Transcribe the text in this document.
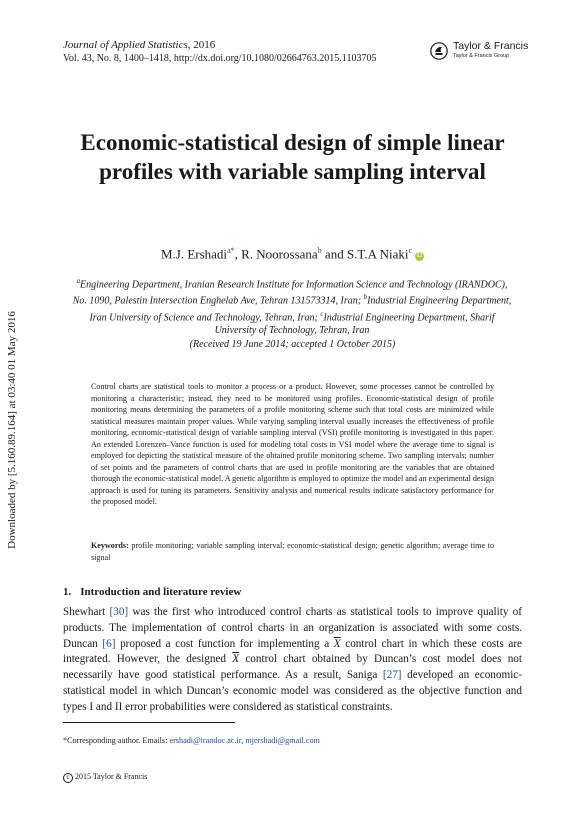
Journal of Applied Statistics, 2016
Vol. 43, No. 8, 1400–1418, http://dx.doi.org/10.1080/02664763.2015.1103705
Taylor & Francis
Taylor & Francis Group
Downloaded by [5.160.89.164] at 03:40 01 May 2016
Economic-statistical design of simple linear
profiles with variable sampling interval
M.J. Ershadi$^{a*}$, R. Noorossana$^b$ and S.T.A Niaki$^c$iD
$^a$Engineering Department, Iranian Research Institute for Information Science and Technology (IRANDOC), No. 1090, Palestin Intersection Enghelab Ave, Tehran 131573314, Iran; $^b$Industrial Engineering Department, Iran University of Science and Technology, Tehran, Iran; $^c$Industrial Engineering Department, Sharif University of Technology, Tehran, Iran
(Received 19 June 2014; accepted 1 October 2015)
Control charts are statistical tools to monitor a process or a product. However, some processes cannot be controlled by monitoring a characteristic; instead, they need to be monitored using profiles. Economic-statistical design of profile monitoring means determining the parameters of a profile monitoring scheme such that total costs are minimized while statistical measures maintain proper values. While varying sampling interval usually increases the effectiveness of profile monitoring, economic-statistical design of variable sampling interval (VSI) profile monitoring is investigated in this paper. An extended Lorenzen–Vance function is used for modeling total costs in VSI model where the average time to signal is employed for depicting the statistical measure of the obtained profile monitoring scheme. Two sampling intervals; number of set points and the parameters of control charts that are used in profile monitoring are the variables that are obtained thorough the economic-statistical model. A genetic algorithm is employed to optimize the model and an experimental design approach is used for tuning its parameters. Sensitivity analysis and numerical results indicate satisfactory performance for the proposed model.
Keywords: profile monitoring; variable sampling interval; economic-statistical design; genetic algorithm; average time to signal
1. Introduction and literature review
Shewhart [30] was the first who introduced control charts as statistical tools to improve quality of products. The implementation of control charts in an organization is associated with some costs. Duncan [6] proposed a cost function for implementing a $\overline{X}$ control chart in which these costs are integrated. However, the designed $\overline{X}$ control chart obtained by Duncan’s cost model does not necessarily have good statistical performance. As a result, Saniga [27] developed an economic-statistical model in which Duncan’s economic model was considered as the objective function and types I and II error probabilities were considered as statistical constraints.
*Corresponding author. Emails: ershadi@irandoc.ac.ir, mjershadi@gmail.com
c 2015 Taylor & Francis
